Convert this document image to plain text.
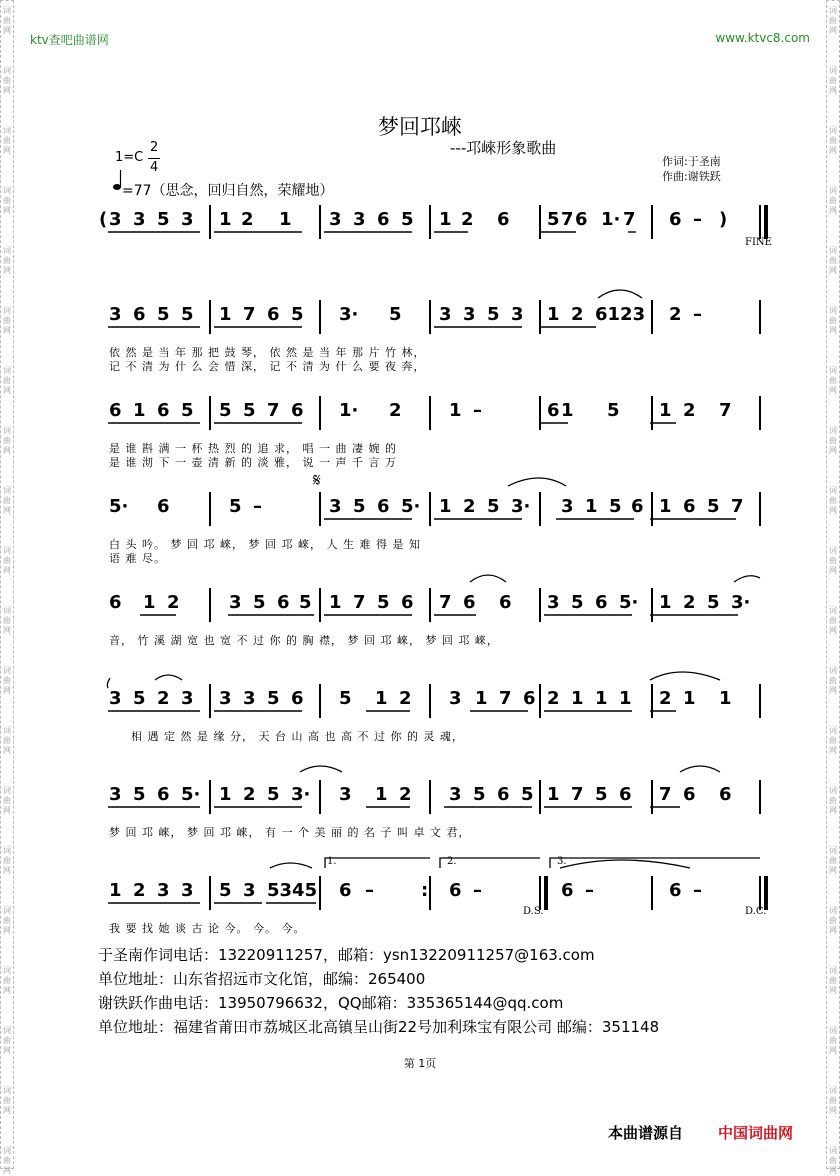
词
曲
网
词
曲
网
词
曲
网
词
曲
网
词
曲
网
词
曲
网
词
曲
网
词
曲
网
词
曲
网
词
曲
网
词
曲
网
词
曲
网
词
曲
网
词
曲
网
词
曲
网
词
曲
网
词
曲
网
词
曲
网
词
曲
网
词
曲
网
词
曲
网
词
曲
网
词
曲
网
词
曲
网
词
曲
网
词
曲
网
词
曲
网
词
曲
网
词
曲
网
词
曲
网
词
曲
网
词
曲
网
词
曲
网
词
曲
网
词
曲
网
词
曲
网
词
曲
网
词
曲
网
词
曲
网
词
曲
网
ktv查吧曲谱网	www.ktvc8.com
梦回邛崍
---邛崍形象歌曲
1=C
2
4
=77（思念，回归自然，荣耀地）
作词:于圣南
作曲:谢铁跃
( 3 3 5 3 1 2 1 3 3 6 5 1 2 6 5 7 6 1· 7 6 – )
FINE
3 6 5 5 1 7 6 5 3· 5 3 3 5 3 1 2 6123 2 –
依 然 是 当 年 那 把 鼓 琴， 依 然 是 当 年 那 片 竹 林，
记 不 清 为 什 么 会 惜 深， 记 不 清 为 什 么 要 夜 奔，
6 1 6 5 5 5 7 6 1· 2	1 –	6 1 5 1 2 7
是 谁 斟 满 一 杯 热 烈 的 追 求， 唱 一 曲 凄 婉 的
是 谁 沏 下 一 壶 清 新 的 淡 雅， 说 一 声 千 言 万
5· 6	5 –	3 5 6 5· 1 2 5 3· 3 1 5 6 1 6 5 7
白 头 吟。 梦 回 邛 崍， 梦 回 邛 崍， 人 生 难 得 是 知
语 难 尽。
𝄋
6 1 2	3 5 6 5 1 7 5 6 7 6 6 3 5 6 5· 1 2 5 3·
音， 竹 溪 湖 宽 也 宽 不 过 你 的 胸 襟， 梦 回 邛 崍， 梦 回 邛 崍，
3 5 2 3 3 3 5 6 5 1 2 3 1 7 6 2 1 1 1 2 1 1
相 遇 定 然 是 缘 分， 天 台 山 高 也 高 不 过 你 的 灵 魂，
3 5 6 5· 1 2 5 3· 3 1 2 3 5 6 5 1 7 5 6 7 6 6
梦 回 邛 崍， 梦 回 邛 崍， 有 一 个 美 丽 的 名 子 叫 卓 文 君，
1 2 3 3 5 3 5345 6 –	: 6 –	6 –	6 –
D.S.	D.C.
我 要 找 她 谈 古 论 今。 今。 今。
1.	2.	3.
于圣南作词电话：13220911257，邮箱：ysn13220911257@163.com
单位地址：山东省招远市文化馆，邮编：265400
谢铁跃作曲电话：13950796632，QQ邮箱：335365144@qq.com
单位地址：福建省莆田市荔城区北高镇呈山街22号加利珠宝有限公司 邮编：351148
第 1页
本曲谱源自 中国词曲网
